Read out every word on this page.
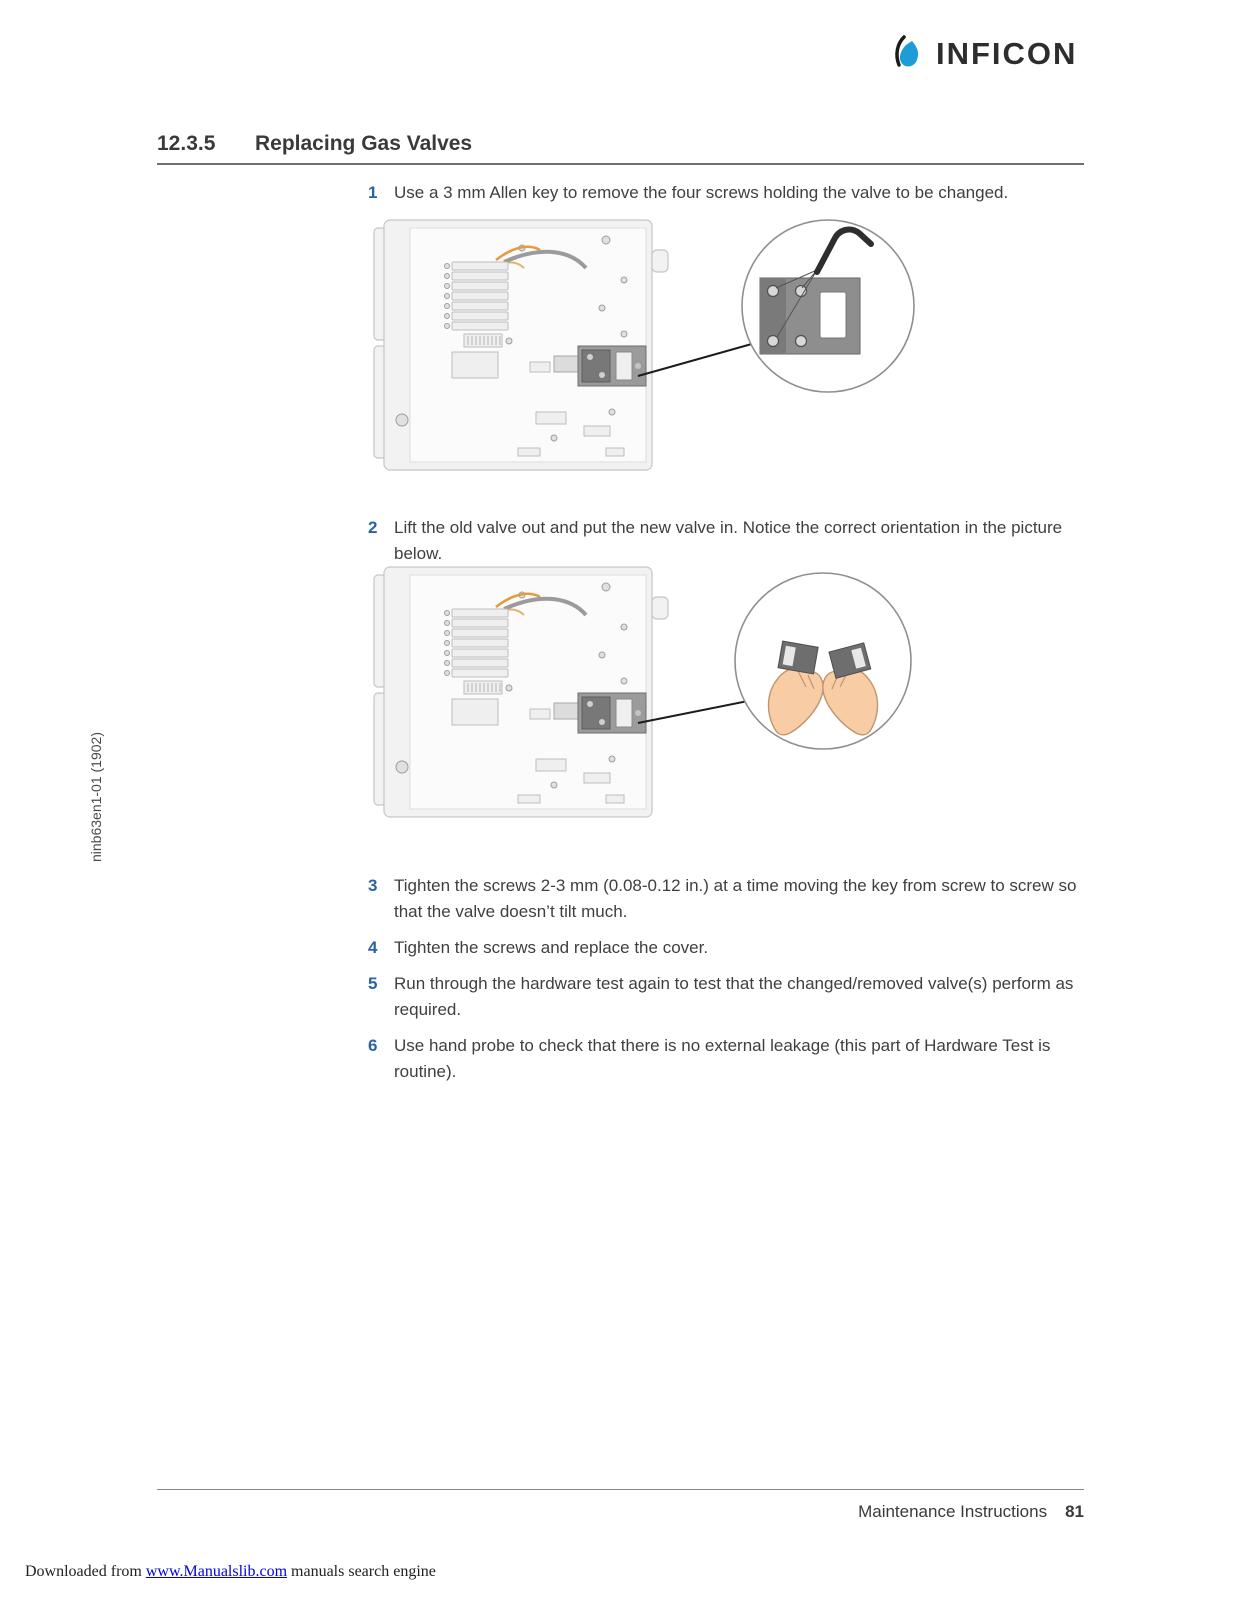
INFICON
12.3.5 Replacing Gas Valves
1 Use a 3 mm Allen key to remove the four screws holding the valve to be changed.
2 Lift the old valve out and put the new valve in. Notice the correct orientation in the picture below.
3 Tighten the screws 2-3 mm (0.08-0.12 in.) at a time moving the key from screw to screw so that the valve doesn’t tilt much.
4 Tighten the screws and replace the cover.
5 Run through the hardware test again to test that the changed/removed valve(s) perform as required.
6 Use hand probe to check that there is no external leakage (this part of Hardware Test is routine).
ninb63en1-01 (1902)
Maintenance Instructions 81
Downloaded from www.Manualslib.com manuals search engine
